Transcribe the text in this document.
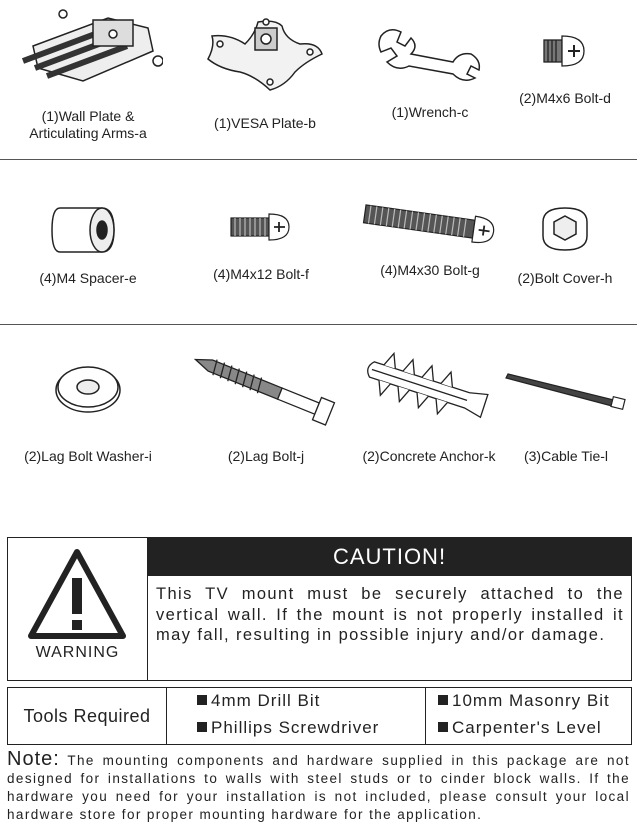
(1)Wall Plate &
Articulating Arms-a
(1)VESA Plate-b
(1)Wrench-c
(2)M4x6 Bolt-d
(4)M4 Spacer-e	(4)M4x12 Bolt-f	(4)M4x30 Bolt-g	(2)Bolt Cover-h
(2)Lag Bolt Washer-i	(2)Lag Bolt-j	(2)Concrete Anchor-k	(3)Cable Tie-l
WARNING
CAUTION!
This TV mount must be securely attached to the vertical wall. If the mount is not properly installed it may fall, resulting in possible injury and/or damage.
Tools Required
4mm Drill Bit
Phillips Screwdriver
10mm Masonry Bit
Carpenter's Level
Note: The mounting components and hardware supplied in this package are not designed for installations to walls with steel studs or to cinder block walls. If the hardware you need for your installation is not included, please consult your local hardware store for proper mounting hardware for the application.
